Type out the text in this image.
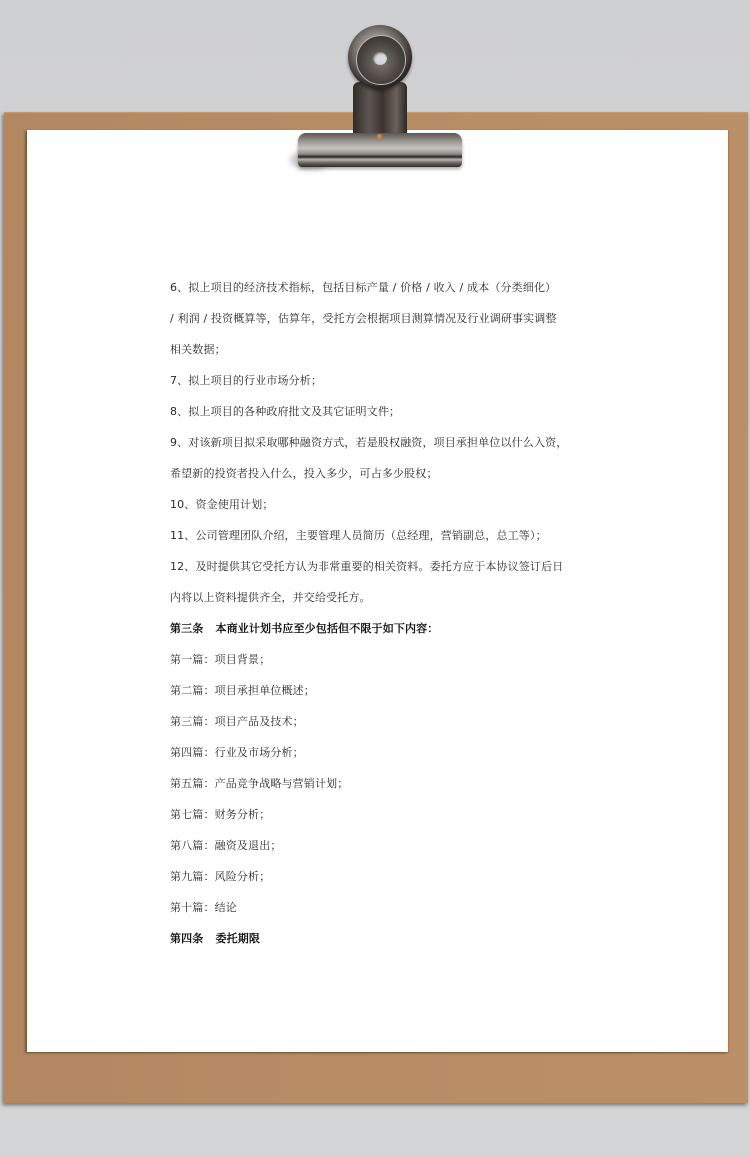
6、拟上项目的经济技术指标，包括目标产量 / 价格 / 收入 / 成本（分类细化）
/ 利润 / 投资概算等，估算年，受托方会根据项目测算情况及行业调研事实调整
相关数据；
7、拟上项目的行业市场分析；
8、拟上项目的各种政府批文及其它证明文件；
9、对该新项目拟采取哪种融资方式，若是股权融资，项目承担单位以什么入资，
希望新的投资者投入什么，投入多少，可占多少股权；
10、资金使用计划；
11、公司管理团队介绍，主要管理人员简历（总经理，营销副总，总工等）；
12、及时提供其它受托方认为非常重要的相关资料。委托方应于本协议签订后日
内将以上资料提供齐全，并交给受托方。
第三条 本商业计划书应至少包括但不限于如下内容：
第一篇：项目背景；
第二篇：项目承担单位概述；
第三篇：项目产品及技术；
第四篇：行业及市场分析；
第五篇：产品竞争战略与营销计划；
第七篇：财务分析；
第八篇：融资及退出；
第九篇：风险分析；
第十篇：结论
第四条 委托期限
